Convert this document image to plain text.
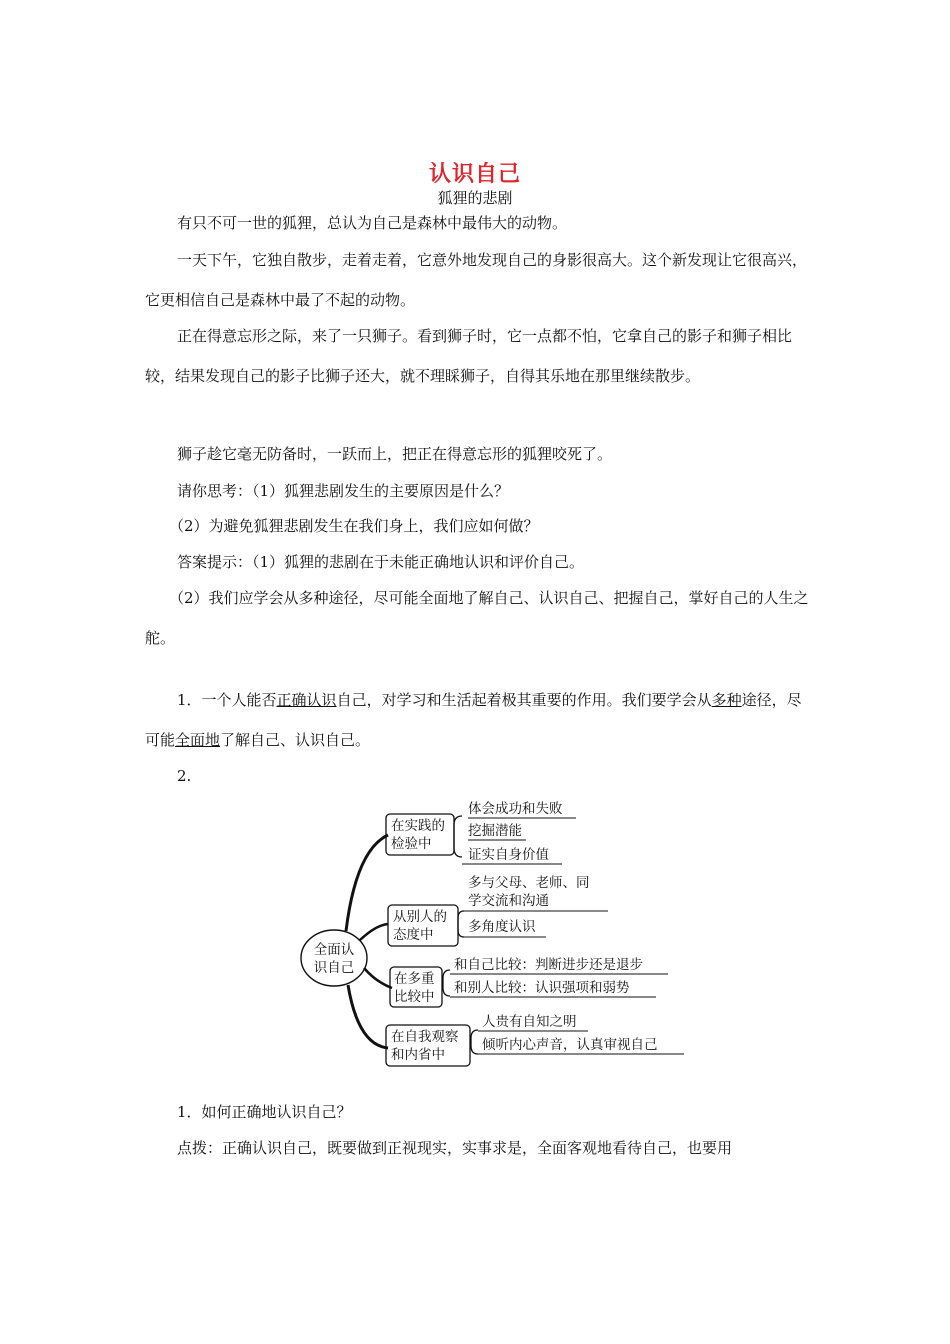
认识自己
狐狸的悲剧
有只不可一世的狐狸，总认为自己是森林中最伟大的动物。
一天下午，它独自散步，走着走着，它意外地发现自己的身影很高大。这个新发现让它很高兴，它更相信自己是森林中最了不起的动物。
正在得意忘形之际，来了一只狮子。看到狮子时，它一点都不怕，它拿自己的影子和狮子相比较，结果发现自己的影子比狮子还大，就不理睬狮子，自得其乐地在那里继续散步。
狮子趁它毫无防备时，一跃而上，把正在得意忘形的狐狸咬死了。
请你思考：（1）狐狸悲剧发生的主要原因是什么？
（2）为避免狐狸悲剧发生在我们身上，我们应如何做？
答案提示：（1）狐狸的悲剧在于未能正确地认识和评价自己。
（2）我们应学会从多种途径，尽可能全面地了解自己、认识自己、把握自己，掌好自己的人生之舵。
1．一个人能否正确认识自己，对学习和生活起着极其重要的作用。我们要学会从多种途径，尽可能全面地了解自己、认识自己。
2.
全面认
识自己
在实践的
检验中
体会成功和失败
挖掘潜能
证实自身价值
从别人的
态度中
多与父母、老师、同
学交流和沟通
多角度认识
在多重
比较中
和自己比较：判断进步还是退步
和别人比较：认识强项和弱势
在自我观察
和内省中
人贵有自知之明
倾听内心声音，认真审视自己
1．如何正确地认识自己？
点拨：正确认识自己，既要做到正视现实，实事求是，全面客观地看待自己，也要用
